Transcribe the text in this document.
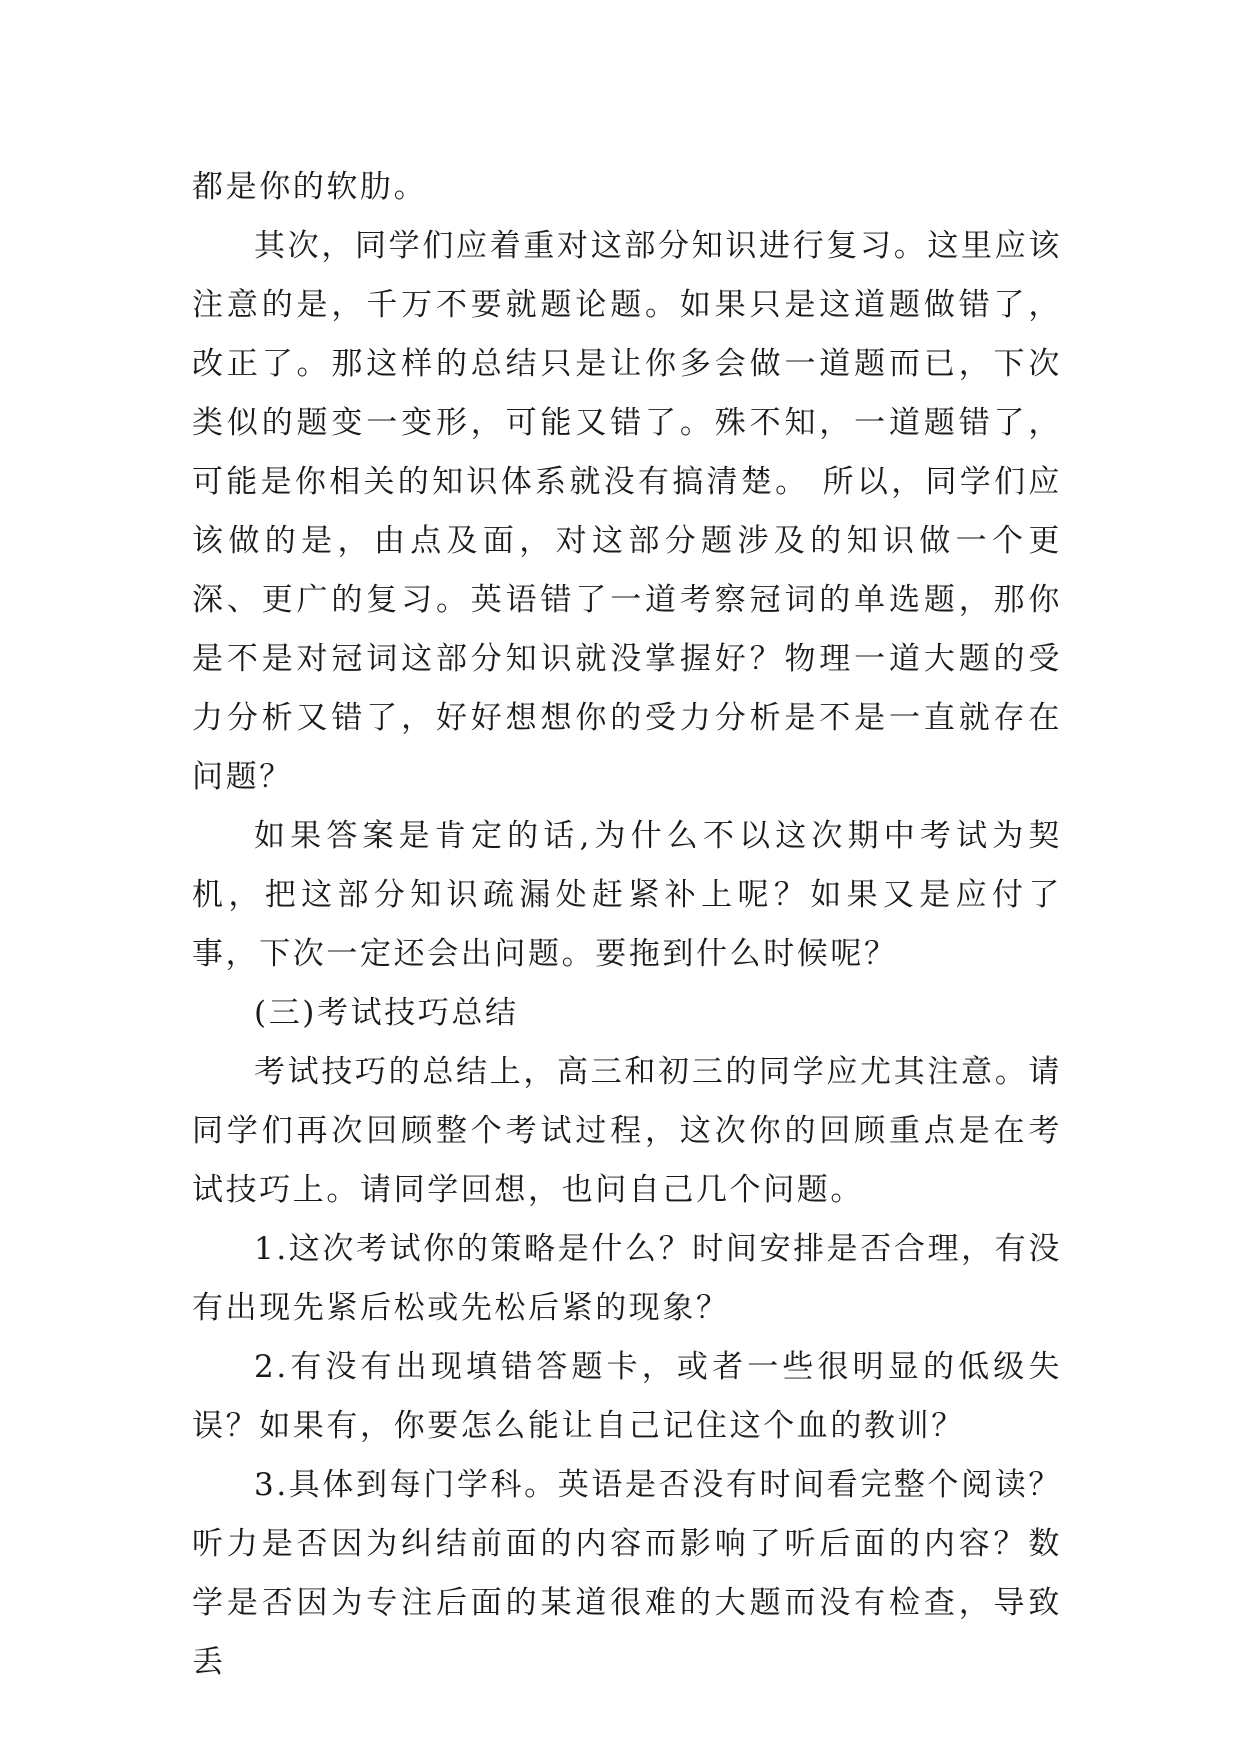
都是你的软肋。

其次，同学们应着重对这部分知识进行复习。这里应该注意的是，千万不要就题论题。如果只是这道题做错了，改正了。那这样的总结只是让你多会做一道题而已，下次类似的题变一变形，可能又错了。殊不知，一道题错了，可能是你相关的知识体系就没有搞清楚。 所以，同学们应该做的是，由点及面，对这部分题涉及的知识做一个更深、更广的复习。英语错了一道考察冠词的单选题，那你是不是对冠词这部分知识就没掌握好？物理一道大题的受力分析又错了，好好想想你的受力分析是不是一直就存在问题？

如果答案是肯定的话,为什么不以这次期中考试为契机，把这部分知识疏漏处赶紧补上呢？如果又是应付了事，下次一定还会出问题。要拖到什么时候呢？

(三)考试技巧总结

考试技巧的总结上，高三和初三的同学应尤其注意。请同学们再次回顾整个考试过程，这次你的回顾重点是在考试技巧上。请同学回想，也问自己几个问题。

1.这次考试你的策略是什么？时间安排是否合理，有没有出现先紧后松或先松后紧的现象？

2.有没有出现填错答题卡，或者一些很明显的低级失误？如果有，你要怎么能让自己记住这个血的教训？

3.具体到每门学科。英语是否没有时间看完整个阅读？听力是否因为纠结前面的内容而影响了听后面的内容？数学是否因为专注后面的某道很难的大题而没有检查，导致丢
